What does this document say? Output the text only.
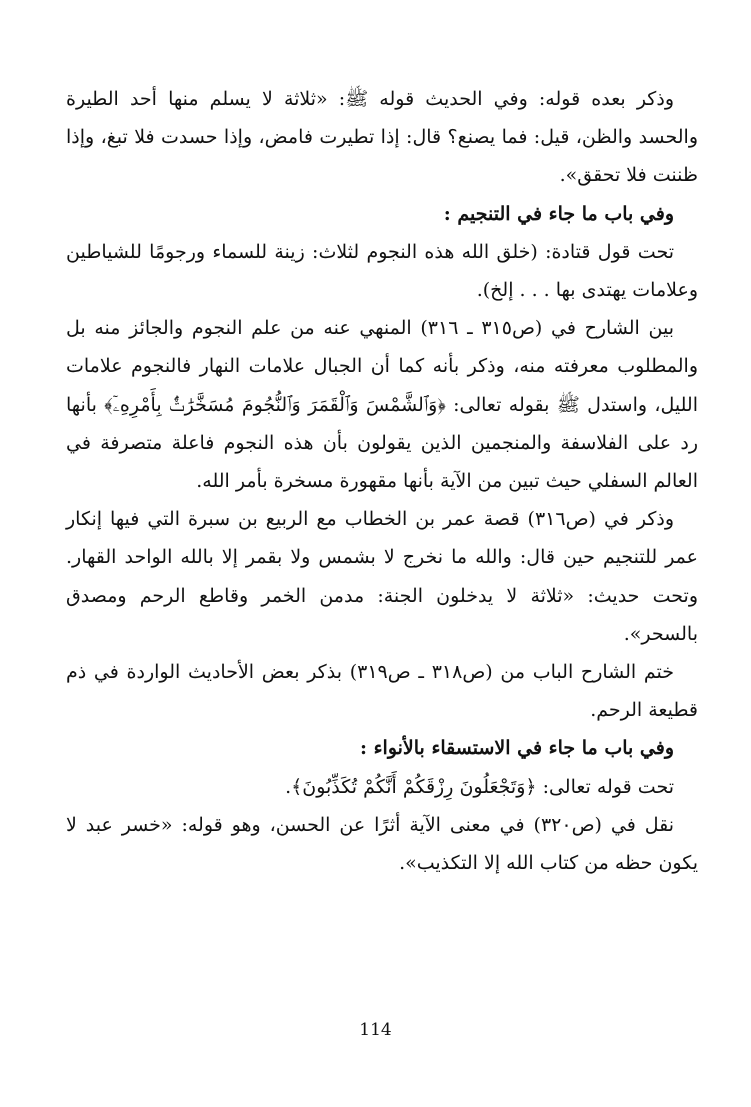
وذكر بعده قوله: وفي الحديث قوله ﷺ: «ثلاثة لا يسلم منها أحد الطيرة والحسد والظن، قيل: فما يصنع؟ قال: إذا تطيرت فامض، وإذا حسدت فلا تبغ، وإذا ظننت فلا تحقق».

وفي باب ما جاء في التنجيم :

تحت قول قتادة: (خلق الله هذه النجوم لثلاث: زينة للسماء ورجومًا للشياطين وعلامات يهتدى بها . . . إلخ).

بين الشارح في (ص٣١٥ ـ ٣١٦) المنهي عنه من علم النجوم والجائز منه بل والمطلوب معرفته منه، وذكر بأنه كما أن الجبال علامات النهار فالنجوم علامات الليل، واستدل ﷺ بقوله تعالى: ﴿وَٱلشَّمْسَ وَٱلْقَمَرَ وَٱلنُّجُومَ مُسَخَّرَٰتٌۢ بِأَمْرِهِۦٓ﴾ بأنها رد على الفلاسفة والمنجمين الذين يقولون بأن هذه النجوم فاعلة متصرفة في العالم السفلي حيث تبين من الآية بأنها مقهورة مسخرة بأمر الله.

وذكر في (ص٣١٦) قصة عمر بن الخطاب مع الربيع بن سبرة التي فيها إنكار عمر للتنجيم حين قال: والله ما نخرج لا بشمس ولا بقمر إلا بالله الواحد القهار. وتحت حديث: «ثلاثة لا يدخلون الجنة: مدمن الخمر وقاطع الرحم ومصدق بالسحر».

ختم الشارح الباب من (ص٣١٨ ـ ص٣١٩) بذكر بعض الأحاديث الواردة في ذم قطيعة الرحم.

وفي باب ما جاء في الاستسقاء بالأنواء :

تحت قوله تعالى: ﴿وَتَجْعَلُونَ رِزْقَكُمْ أَنَّكُمْ تُكَذِّبُونَ﴾.

نقل في (ص٣٢٠) في معنى الآية أثرًا عن الحسن، وهو قوله: «خسر عبد لا يكون حظه من كتاب الله إلا التكذيب».

114
